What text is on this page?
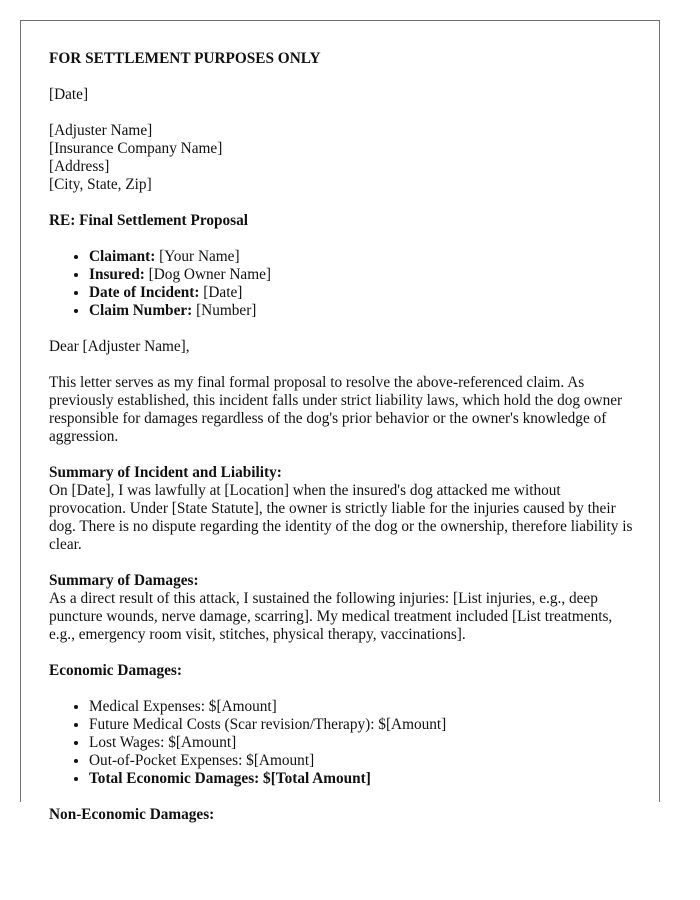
FOR SETTLEMENT PURPOSES ONLY

[Date]

[Adjuster Name]
[Insurance Company Name]
[Address]
[City, State, Zip]

RE: Final Settlement Proposal

• Claimant: [Your Name]
• Insured: [Dog Owner Name]
• Date of Incident: [Date]
• Claim Number: [Number]

Dear [Adjuster Name],

This letter serves as my final formal proposal to resolve the above-referenced claim. As previously established, this incident falls under strict liability laws, which hold the dog owner responsible for damages regardless of the dog's prior behavior or the owner's knowledge of aggression.

Summary of Incident and Liability:
On [Date], I was lawfully at [Location] when the insured's dog attacked me without provocation. Under [State Statute], the owner is strictly liable for the injuries caused by their dog. There is no dispute regarding the identity of the dog or the ownership, therefore liability is clear.

Summary of Damages:
As a direct result of this attack, I sustained the following injuries: [List injuries, e.g., deep puncture wounds, nerve damage, scarring]. My medical treatment included [List treatments, e.g., emergency room visit, stitches, physical therapy, vaccinations].

Economic Damages:

• Medical Expenses: $[Amount]
• Future Medical Costs (Scar revision/Therapy): $[Amount]
• Lost Wages: $[Amount]
• Out-of-Pocket Expenses: $[Amount]
• Total Economic Damages: $[Total Amount]

Non-Economic Damages:
